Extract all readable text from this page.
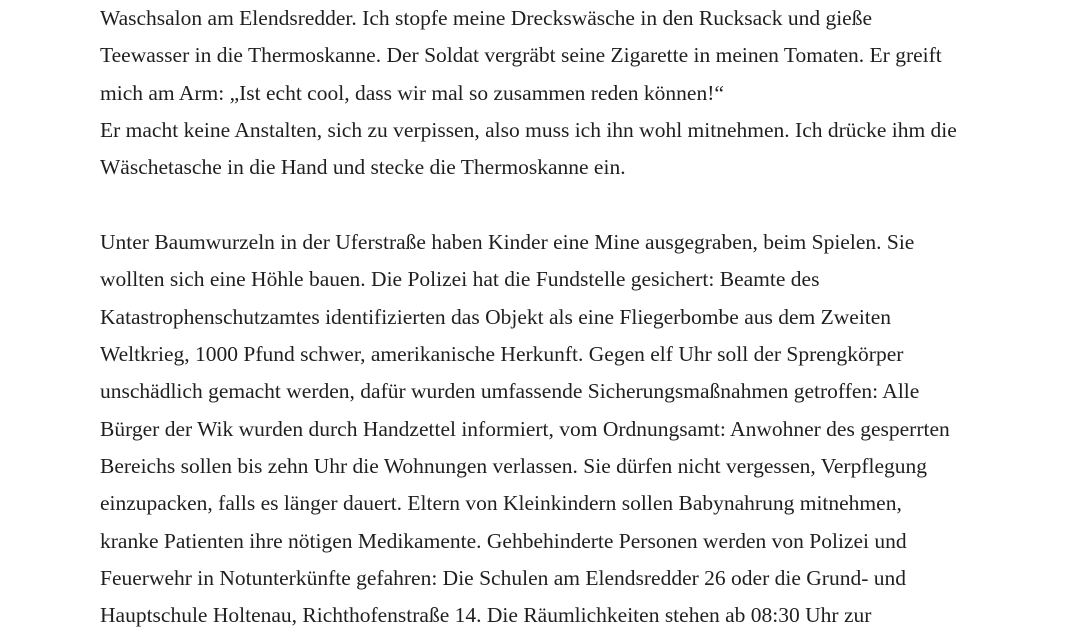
Waschsalon am Elendsredder. Ich stopfe meine Dreckswäsche in den Rucksack und gieße
Teewasser in die Thermoskanne. Der Soldat vergräbt seine Zigarette in meinen Tomaten. Er greift
mich am Arm: „Ist echt cool, dass wir mal so zusammen reden können!“
Er macht keine Anstalten, sich zu verpissen, also muss ich ihn wohl mitnehmen. Ich drücke ihm die
Wäschetasche in die Hand und stecke die Thermoskanne ein.
Unter Baumwurzeln in der Uferstraße haben Kinder eine Mine ausgegraben, beim Spielen. Sie
wollten sich eine Höhle bauen. Die Polizei hat die Fundstelle gesichert: Beamte des
Katastrophenschutzamtes identifizierten das Objekt als eine Fliegerbombe aus dem Zweiten
Weltkrieg, 1000 Pfund schwer, amerikanische Herkunft. Gegen elf Uhr soll der Sprengkörper
unschädlich gemacht werden, dafür wurden umfassende Sicherungsmaßnahmen getroffen: Alle
Bürger der Wik wurden durch Handzettel informiert, vom Ordnungsamt: Anwohner des gesperrten
Bereichs sollen bis zehn Uhr die Wohnungen verlassen. Sie dürfen nicht vergessen, Verpflegung
einzupacken, falls es länger dauert. Eltern von Kleinkindern sollen Babynahrung mitnehmen,
kranke Patienten ihre nötigen Medikamente. Gehbehinderte Personen werden von Polizei und
Feuerwehr in Notunterkünfte gefahren: Die Schulen am Elendsredder 26 oder die Grund- und
Hauptschule Holtenau, Richthofenstraße 14. Die Räumlichkeiten stehen ab 08:30 Uhr zur
